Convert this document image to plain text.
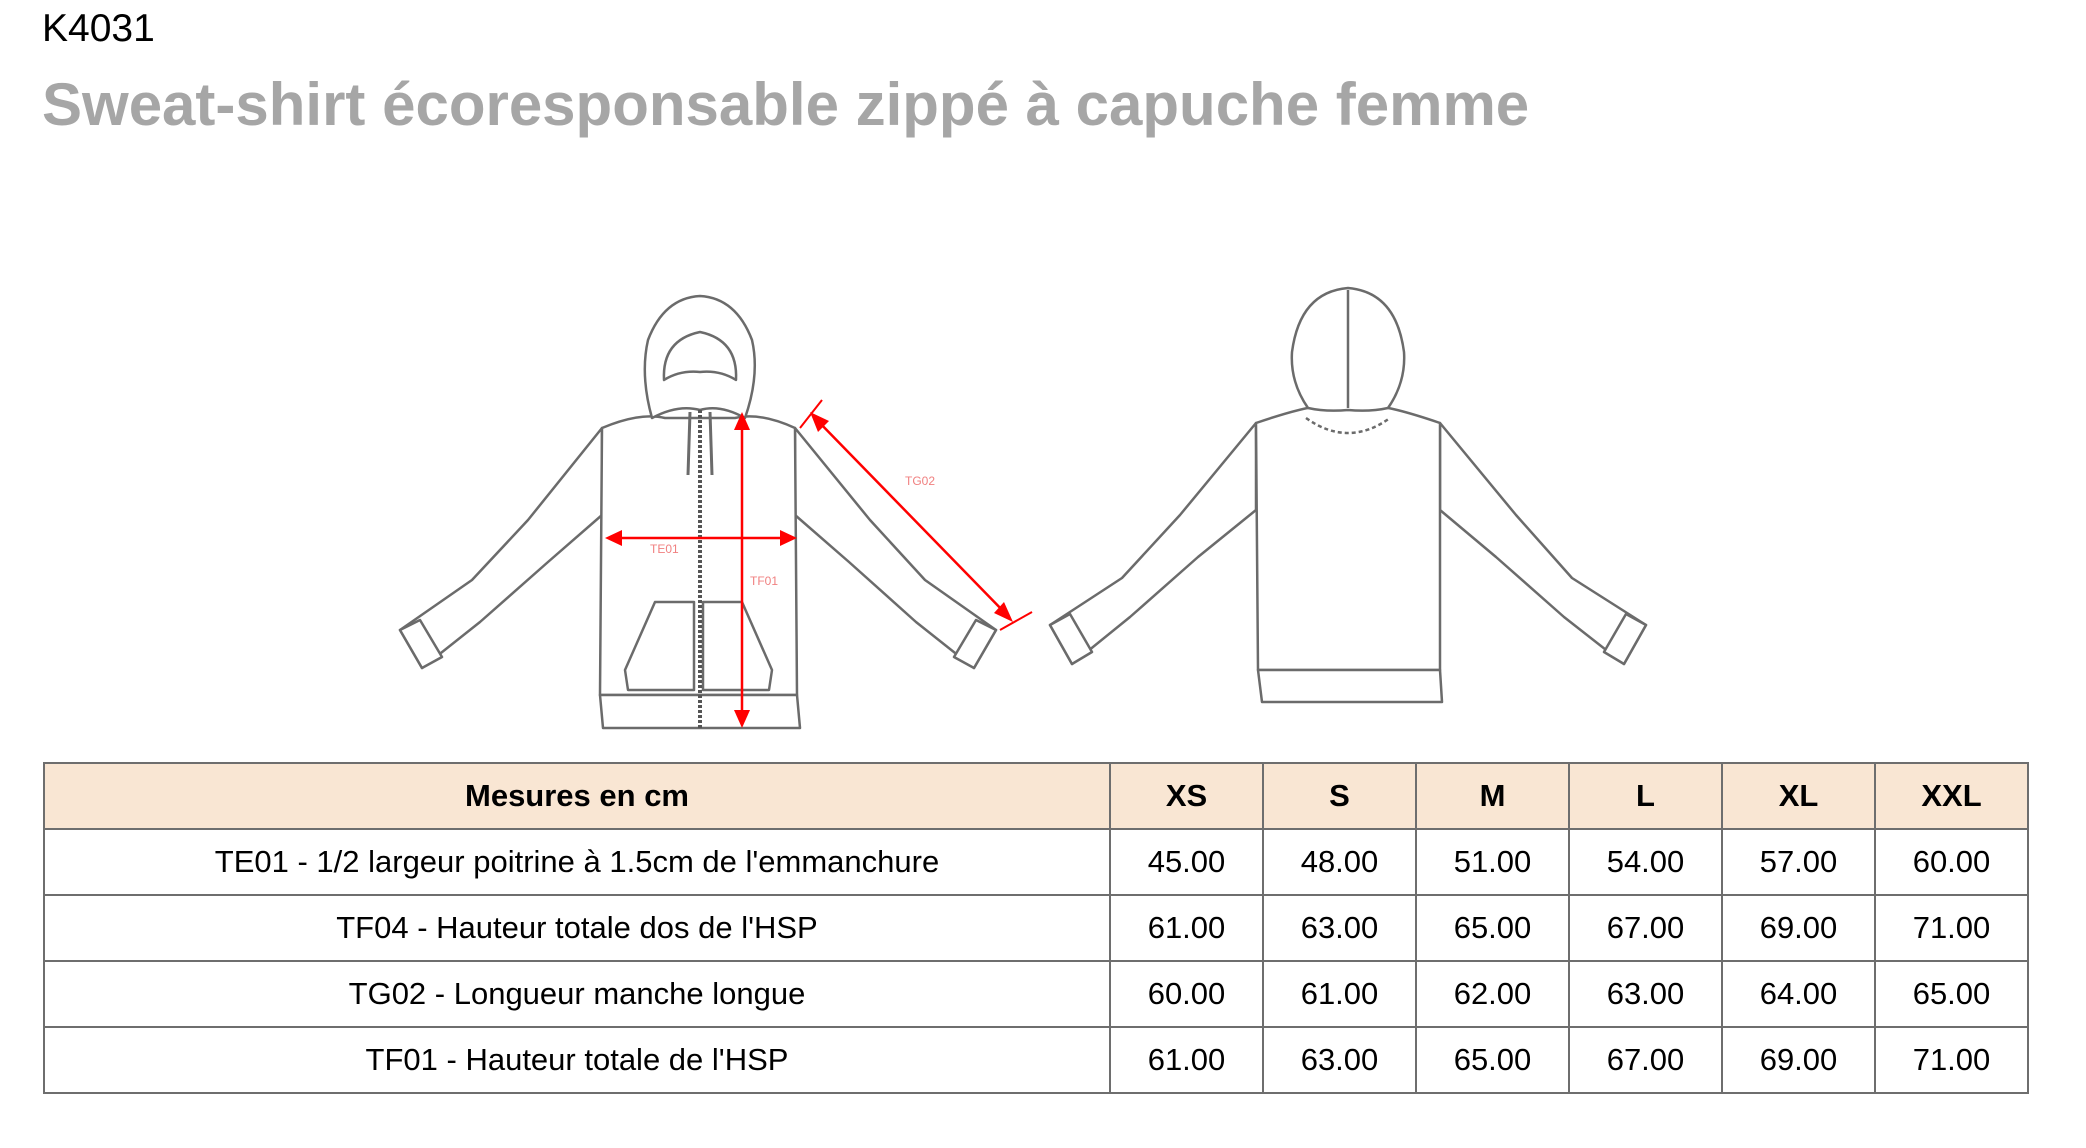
K4031
Sweat-shirt écoresponsable zippé à capuche femme
TE01
TF01
TG02
Mesures en cm	XS	S	M	L	XL	XXL
TE01 - 1/2 largeur poitrine à 1.5cm de l'emmanchure	45.00	48.00	51.00	54.00	57.00	60.00
TF04 - Hauteur totale dos de l'HSP	61.00	63.00	65.00	67.00	69.00	71.00
TG02 - Longueur manche longue	60.00	61.00	62.00	63.00	64.00	65.00
TF01 - Hauteur totale de l'HSP	61.00	63.00	65.00	67.00	69.00	71.00
